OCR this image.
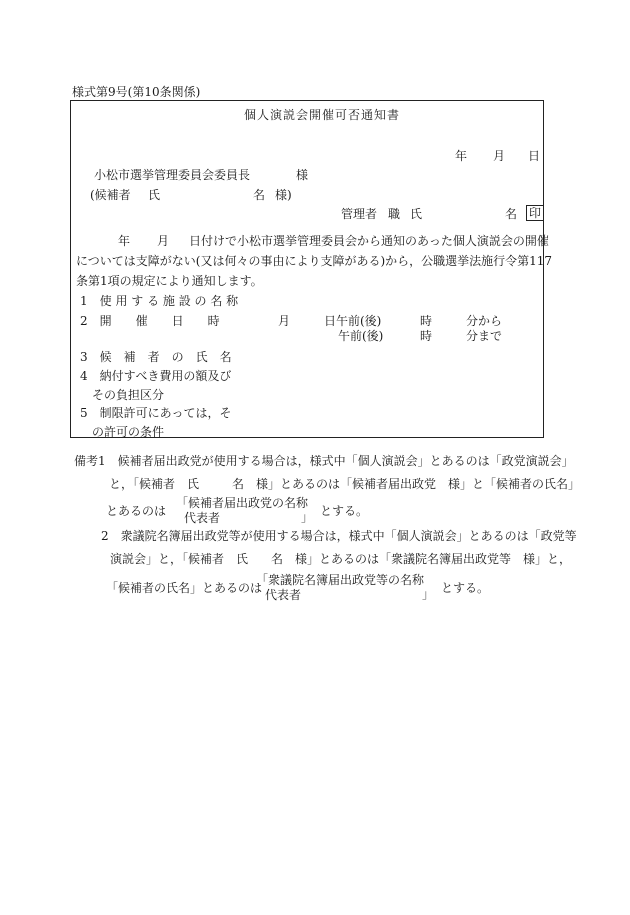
様式第9号(第10条関係)
個人演説会開催可否通知書
年 月 日
小松市選挙管理委員会委員長	様
(候補者 氏	名 様)
管理者 職 氏	名 印
年 月 日付けで小松市選挙管理委員会から通知のあった個人演説会の開催
については支障がない(又は何々の事由により支障がある)から，公職選挙法施行令第117
条第1項の規定により通知します。
1　使 用 す る 施 設 の 名 称
2　開　　催　　日　　時	月	日午前(後)	時	分から
午前(後)	時	分まで
3　候　補　者　の　氏　名
4　納付すべき費用の額及び
その負担区分
5　制限許可にあっては，そ
の許可の条件
備考1　候補者届出政党が使用する場合は，様式中「個人演説会」とあるのは「政党演説会」
と，「候補者　氏	名　様」とあるのは「候補者届出政党　様」と「候補者の氏名」
とあるのは
「候補者届出政党の名称
代表者	」 とする。
2　衆議院名簿届出政党等が使用する場合は，様式中「個人演説会」とあるのは「政党等
演説会」と，「候補者　氏 名　様」とあるのは「衆議院名簿届出政党等　様」と，
「候補者の氏名」とあるのは
「衆議院名簿届出政党等の名称
代表者	」 とする。
